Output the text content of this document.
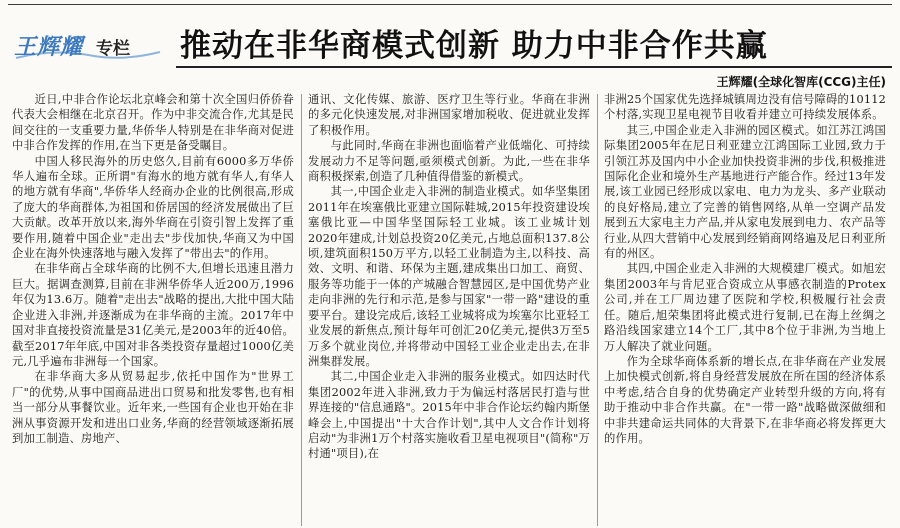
王辉耀 专栏 推动在非华商模式创新 助力中非合作共赢
王辉耀(全球化智库(CCG)主任)

近日,中非合作论坛北京峰会和第十次全国归侨侨眷代表大会相继在北京召开。作为中非交流合作,尤其是民间交往的一支重要力量,华侨华人特别是在非华商对促进中非合作发挥的作用,在当下更是备受瞩目。

中国人移民海外的历史悠久,目前有6000多万华侨华人遍布全球。正所谓"有海水的地方就有华人,有华人的地方就有华商",华侨华人经商办企业的比例很高,形成了庞大的华商群体,为祖国和侨居国的经济发展做出了巨大贡献。改革开放以来,海外华商在引资引智上发挥了重要作用,随着中国企业"走出去"步伐加快,华商又为中国企业在海外快速落地与融入发挥了"带出去"的作用。

在非华商占全球华商的比例不大,但增长迅速且潜力巨大。据调查测算,目前在非洲华侨华人近200万,1996年仅为13.6万。随着"走出去"战略的提出,大批中国大陆企业进入非洲,并逐渐成为在非华商的主流。2017年中国对非直接投资流量是31亿美元,是2003年的近40倍。截至2017年年底,中国对非各类投资存量超过1000亿美元,几乎遍布非洲每一个国家。

在非华商大多从贸易起步,依托中国作为"世界工厂"的优势,从事中国商品进出口贸易和批发零售,也有相当一部分从事餐饮业。近年来,一些国有企业也开始在非洲从事资源开发和进出口业务,华商的经营领域逐渐拓展到加工制造、房地产、

通讯、文化传媒、旅游、医疗卫生等行业。华商在非洲的多元化快速发展,对非洲国家增加税收、促进就业发挥了积极作用。

与此同时,华商在非洲也面临着产业低端化、可持续发展动力不足等问题,亟须模式创新。为此,一些在非华商积极探索,创造了几种值得借鉴的新模式。

其一,中国企业走入非洲的制造业模式。如华坚集团2011年在埃塞俄比亚建立国际鞋城,2015年投资建设埃塞俄比亚—中国华坚国际轻工业城。该工业城计划2020年建成,计划总投资20亿美元,占地总面积137.8公顷,建筑面积150万平方,以轻工业制造为主,以科技、高效、文明、和谐、环保为主题,建成集出口加工、商贸、服务等功能于一体的产城融合智慧园区,是中国优势产业走向非洲的先行和示范,是参与国家"一带一路"建设的重要平台。建设完成后,该轻工业城将成为埃塞尔比亚轻工业发展的新焦点,预计每年可创汇20亿美元,提供3万至5万多个就业岗位,并将带动中国轻工业企业走出去,在非洲集群发展。

其二,中国企业走入非洲的服务业模式。如四达时代集团2002年进入非洲,致力于为偏远村落居民打造与世界连接的"信息通路"。2015年中非合作论坛约翰内斯堡峰会上,中国提出"十大合作计划",其中人文合作计划将启动"为非洲1万个村落实施收看卫星电视项目"(简称"万村通"项目),在

非洲25个国家优先选择城镇周边没有信号障碍的10112个村落,实现卫星电视节目收看并建立可持续发展体系。

其三,中国企业走入非洲的园区模式。如江苏江鸿国际集团2005年在尼日利亚建立江鸿国际工业园,致力于引领江苏及国内中小企业加快投资非洲的步伐,积极推进国际化企业和境外生产基地进行产能合作。经过13年发展,该工业园已经形成以家电、电力为龙头、多产业联动的良好格局,建立了完善的销售网络,从单一空调产品发展到五大家电主力产品,并从家电发展到电力、农产品等行业,从四大营销中心发展到经销商网络遍及尼日利亚所有的州区。

其四,中国企业走入非洲的大规模建厂模式。如旭宏集团2003年与肯尼亚合资成立从事感衣制造的Protex公司,并在工厂周边建了医院和学校,积极履行社会责任。随后,旭荣集团将此模式进行复制,已在海上丝绸之路沿线国家建立14个工厂,其中8个位于非洲,为当地上万人解决了就业问题。

作为全球华商体系新的增长点,在非华商在产业发展上加快模式创新,将自身经营发展放在所在国的经济体系中考虑,结合自身的优势确定产业转型升级的方向,将有助于推动中非合作共赢。在"一带一路"战略做深做细和中非共建命运共同体的大背景下,在非华商必将发挥更大的作用。
